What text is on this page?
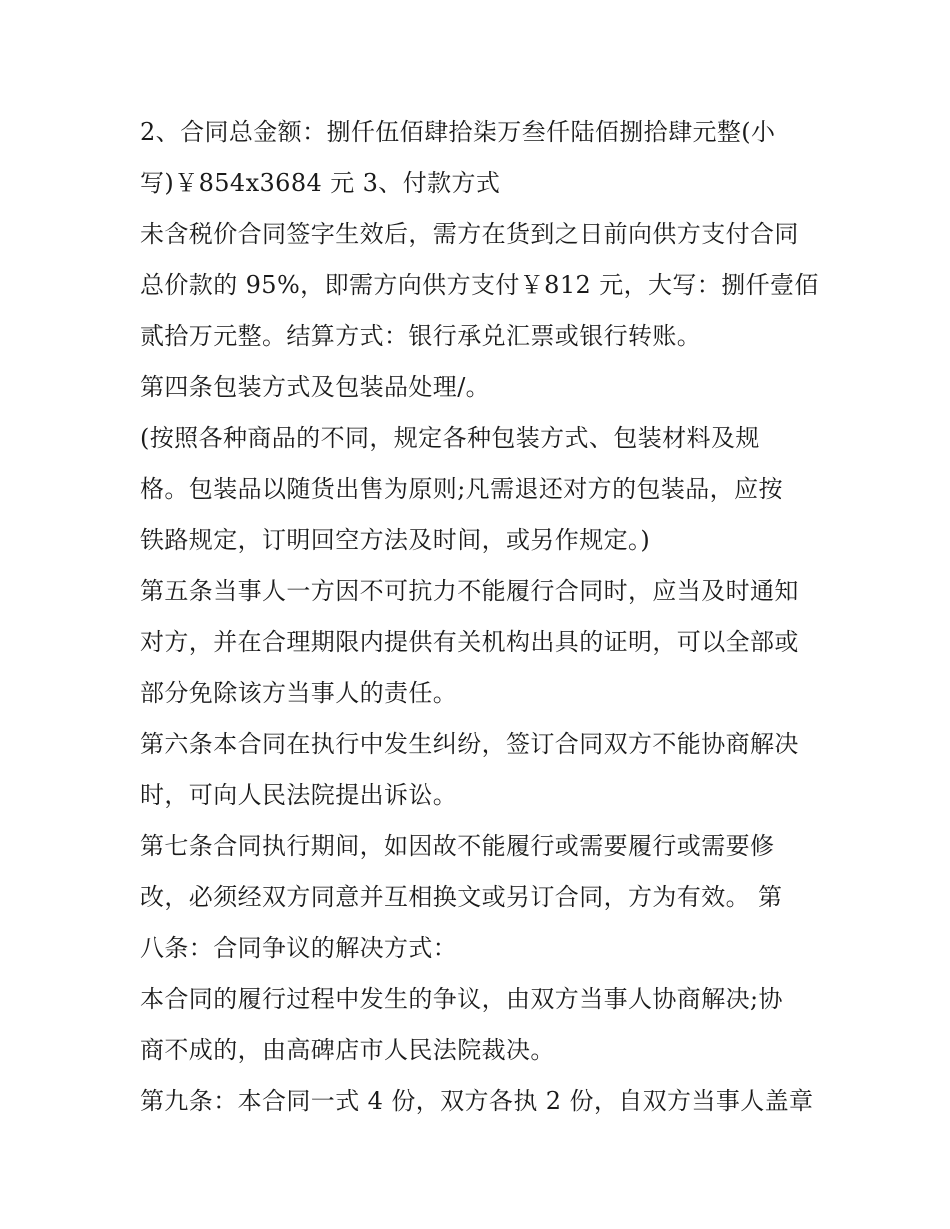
2、合同总金额：捌仟伍佰肆拾柒万叁仟陆佰捌拾肆元整(小

写)￥854x3684 元 3、付款方式

未含税价合同签字生效后，需方在货到之日前向供方支付合同

总价款的 95%，即需方向供方支付￥812 元，大写：捌仟壹佰

贰拾万元整。结算方式：银行承兑汇票或银行转账。

第四条包装方式及包装品处理/。

(按照各种商品的不同，规定各种包装方式、包装材料及规

格。包装品以随货出售为原则;凡需退还对方的包装品，应按

铁路规定，订明回空方法及时间，或另作规定。)

第五条当事人一方因不可抗力不能履行合同时，应当及时通知

对方，并在合理期限内提供有关机构出具的证明，可以全部或

部分免除该方当事人的责任。

第六条本合同在执行中发生纠纷，签订合同双方不能协商解决

时，可向人民法院提出诉讼。

第七条合同执行期间，如因故不能履行或需要履行或需要修

改，必须经双方同意并互相换文或另订合同，方为有效。 第

八条：合同争议的解决方式：

本合同的履行过程中发生的争议，由双方当事人协商解决;协

商不成的，由高碑店市人民法院裁决。

第九条：本合同一式 4 份，双方各执 2 份，自双方当事人盖章
